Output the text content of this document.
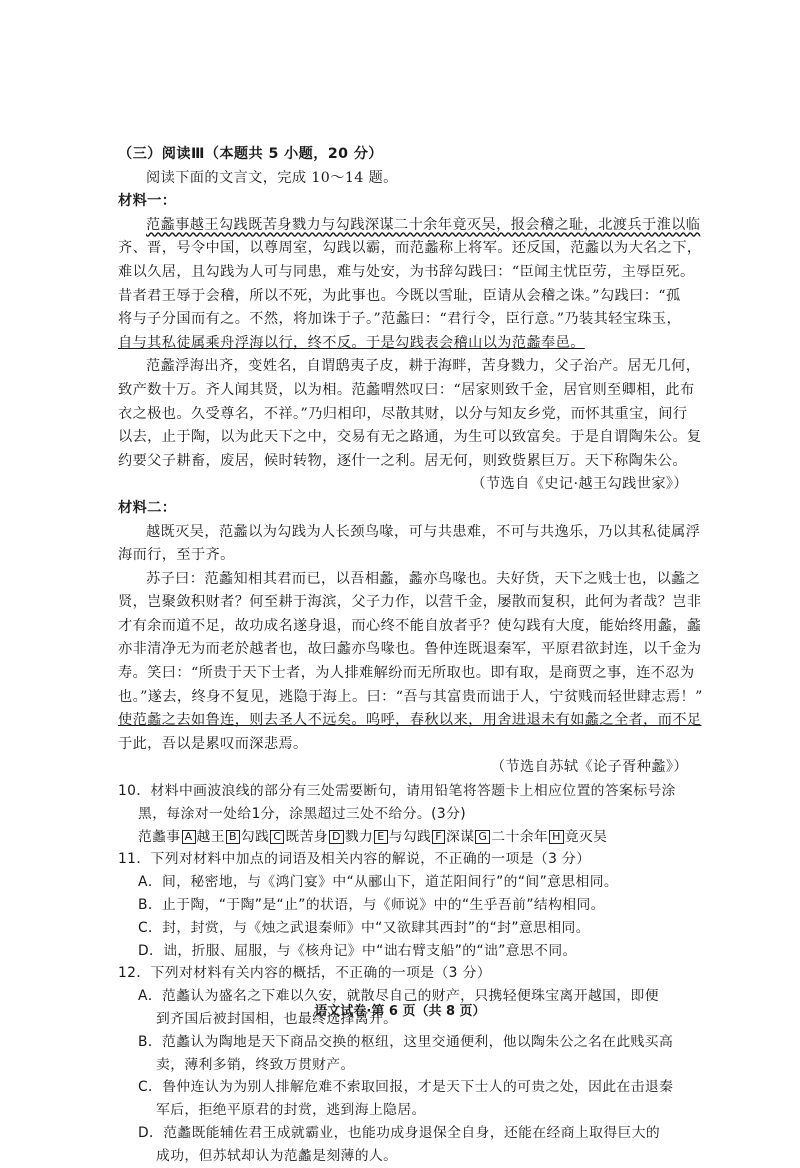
（三）阅读Ⅲ（本题共 5 小题，20 分）
阅读下面的文言文，完成 10～14 题。
材料一：
范蠡事越王勾践既苦身戮力与勾践深谋二十余年竟灭吴，报会稽之耻，北渡兵于淮以临
齐、晋，号令中国，以尊周室，勾践以霸，而范蠡称上将军。还反国，范蠡以为大名之下，
难以久居，且勾践为人可与同患，难与处安，为书辞勾践曰：“臣闻主忧臣劳，主辱臣死。
昔者君王辱于会稽，所以不死，为此事也。今既以雪耻，臣请从会稽之诛。”勾践曰：“孤
将与子分国而有之。不然，将加诛于子。”范蠡曰：“君行令，臣行意。”乃装其轻宝珠玉，
自与其私徒属乘舟浮海以行，终不反。于是勾践表会稽山以为范蠡奉邑。
范蠡浮海出齐，变姓名，自谓鸱夷子皮，耕于海畔，苦身戮力，父子治产。居无几何，
致产数十万。齐人闻其贤，以为相。范蠡喟然叹曰：“居家则致千金，居官则至卿相，此布
衣之极也。久受尊名，不祥。”乃归相印，尽散其财，以分与知友乡党，而怀其重宝，间行
以去，止于陶，以为此天下之中，交易有无之路通，为生可以致富矣。于是自谓陶朱公。复
约要父子耕畜，废居，候时转物，逐什一之利。居无何，则致赀累巨万。天下称陶朱公。
（节选自《史记·越王勾践世家》）
材料二：
越既灭吴，范蠡以为勾践为人长颈鸟喙，可与共患难，不可与共逸乐，乃以其私徒属浮
海而行，至于齐。
苏子曰：范蠡知相其君而已，以吾相蠡，蠡亦鸟喙也。夫好货，天下之贱士也，以蠡之
贤，岂聚敛积财者？何至耕于海滨，父子力作，以营千金，屡散而复积，此何为者哉？岂非
才有余而道不足，故功成名遂身退，而心终不能自放者乎？使勾践有大度，能始终用蠡，蠡
亦非清净无为而老於越者也，故曰蠡亦鸟喙也。鲁仲连既退秦军，平原君欲封连，以千金为
寿。笑曰：“所贵于天下士者，为人排难解纷而无所取也。即有取，是商贾之事，连不忍为
也。”遂去，终身不复见，逃隐于海上。曰：“吾与其富贵而诎于人，宁贫贱而轻世肆志焉！”
使范蠡之去如鲁连，则去圣人不远矣。呜呼，春秋以来，用舍进退未有如蠡之全者，而不足
于此，吾以是累叹而深悲焉。
（节选自苏轼《论子胥种蠡》）
10．材料中画波浪线的部分有三处需要断句，请用铅笔将答题卡上相应位置的答案标号涂
黑，每涂对一处给1分，涂黑超过三处不给分。(3分)
范蠡事 A 越王 B 勾践 C 既苦身 D 戮力 E 与勾践 F 深谋 G 二十余年 H 竟灭吴
11．下列对材料中加点的词语及相关内容的解说，不正确的一项是（3 分）
A．间，秘密地，与《鸿门宴》中“从郦山下，道芷阳间行”的“间”意思相同。
B．止于陶，“于陶”是“止”的状语，与《师说》中的“生乎吾前”结构相同。
C．封，封赏，与《烛之武退秦师》中“又欲肆其西封”的“封”意思相同。
D．诎，折服、屈服，与《核舟记》中“诎右臂支船”的“诎”意思不同。
12．下列对材料有关内容的概括，不正确的一项是（3 分）
A．范蠡认为盛名之下难以久安，就散尽自己的财产，只携轻便珠宝离开越国，即便
到齐国后被封国相，也最终选择离开。
B．范蠡认为陶地是天下商品交换的枢纽，这里交通便利，他以陶朱公之名在此贱买高
卖，薄利多销，终致万贯财产。
C．鲁仲连认为为别人排解危难不索取回报，才是天下士人的可贵之处，因此在击退秦
军后，拒绝平原君的封赏，逃到海上隐居。
D．范蠡既能辅佐君王成就霸业，也能功成身退保全自身，还能在经商上取得巨大的
成功，但苏轼却认为范蠡是刻薄的人。
语文试卷·第 6 页（共 8 页）
